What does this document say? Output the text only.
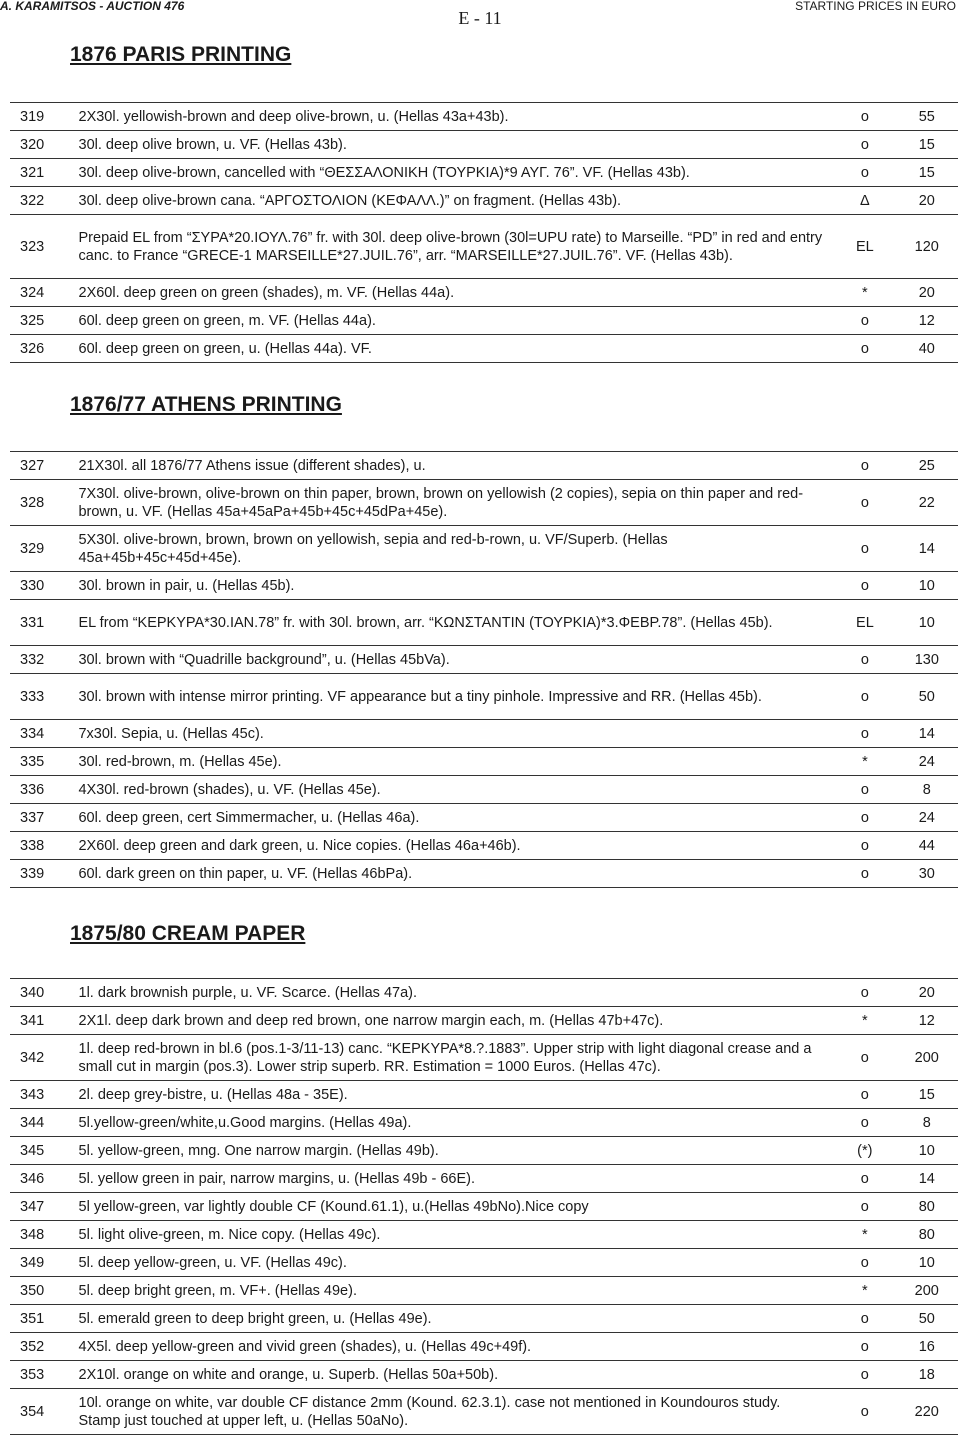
A. KARAMITSOS - AUCTION 476
E - 11
STARTING PRICES IN EURO
1876 PARIS PRINTING
319	2X30l. yellowish-brown and deep olive-brown, u. (Hellas 43a+43b).	o	55
320	30l. deep olive brown, u. VF. (Hellas 43b).	o	15
321	30l. deep olive-brown, cancelled with “ΘΕΣΣΑΛΟΝΙΚΗ (ΤΟΥΡΚΙΑ)*9 ΑΥΓ. 76”. VF. (Hellas 43b).	o	15
322	30l. deep olive-brown cana. “ΑΡΓΟΣΤΟΛΙΟΝ (ΚΕΦΑΛΛ.)” on fragment. (Hellas 43b).	Δ	20
323	Prepaid EL from “ΣΥΡΑ*20.ΙΟΥΛ.76” fr. with 30l. deep olive-brown (30l=UPU rate) to Marseille. “PD” in red and entry canc. to France “GRECE-1 MARSEILLE*27.JUIL.76”, arr. “MARSEILLE*27.JUIL.76”. VF. (Hellas 43b).	EL	120
324	2X60l. deep green on green (shades), m. VF. (Hellas 44a).	*	20
325	60l. deep green on green, m. VF. (Hellas 44a).	o	12
326	60l. deep green on green, u. (Hellas 44a). VF.	o	40
1876/77 ATHENS PRINTING
327	21X30l. all 1876/77 Athens issue (different shades), u.	o	25
328	7X30l. olive-brown, olive-brown on thin paper, brown, brown on yellowish (2 copies), sepia on thin paper and red-brown, u. VF. (Hellas 45a+45aPa+45b+45c+45dPa+45e).	o	22
329	5X30l. olive-brown, brown, brown on yellowish, sepia and red-b-rown, u. VF/Superb. (Hellas 45a+45b+45c+45d+45e).	o	14
330	30l. brown in pair, u. (Hellas 45b).	o	10
331	EL from “ΚΕΡΚΥΡΑ*30.ΙΑΝ.78” fr. with 30l. brown, arr. “ΚΩΝΣΤΑΝΤΙΝ (ΤΟΥΡΚΙΑ)*3.ΦΕΒΡ.78”. (Hellas 45b).	EL	10
332	30l. brown with “Quadrille background”, u. (Hellas 45bVa).	o	130
333	30l. brown with intense mirror printing. VF appearance but a tiny pinhole. Impressive and RR. (Hellas 45b).	o	50
334	7x30l. Sepia, u. (Hellas 45c).	o	14
335	30l. red-brown, m. (Hellas 45e).	*	24
336	4X30l. red-brown (shades), u. VF. (Hellas 45e).	o	8
337	60l. deep green, cert Simmermacher, u. (Hellas 46a).	o	24
338	2X60l. deep green and dark green, u. Nice copies. (Hellas 46a+46b).	o	44
339	60l. dark green on thin paper, u. VF. (Hellas 46bPa).	o	30
1875/80 CREAM PAPER
340	1l. dark brownish purple, u. VF. Scarce. (Hellas 47a).	o	20
341	2X1l. deep dark brown and deep red brown, one narrow margin each, m. (Hellas 47b+47c).	*	12
342	1l. deep red-brown in bl.6 (pos.1-3/11-13) canc. “ΚΕΡΚΥΡΑ*8.?.1883”. Upper strip with light diagonal crease and a small cut in margin (pos.3). Lower strip superb. RR. Estimation = 1000 Euros. (Hellas 47c).	o	200
343	2l. deep grey-bistre, u. (Hellas 48a - 35E).	o	15
344	5l.yellow-green/white,u.Good margins. (Hellas 49a).	o	8
345	5l. yellow-green, mng. One narrow margin. (Hellas 49b).	(*)	10
346	5l. yellow green in pair, narrow margins, u. (Hellas 49b - 66E).	o	14
347	5l yellow-green, var lightly double CF (Kound.61.1), u.(Hellas 49bNo).Nice copy	o	80
348	5l. light olive-green, m. Nice copy. (Hellas 49c).	*	80
349	5l. deep yellow-green, u. VF. (Hellas 49c).	o	10
350	5l. deep bright green, m. VF+. (Hellas 49e).	*	200
351	5l. emerald green to deep bright green, u. (Hellas 49e).	o	50
352	4X5l. deep yellow-green and vivid green (shades), u. (Hellas 49c+49f).	o	16
353	2X10l. orange on white and orange, u. Superb. (Hellas 50a+50b).	o	18
354	10l. orange on white, var double CF distance 2mm (Kound. 62.3.1). case not mentioned in Koundouros study. Stamp just touched at upper left, u. (Hellas 50aNo).	o	220
